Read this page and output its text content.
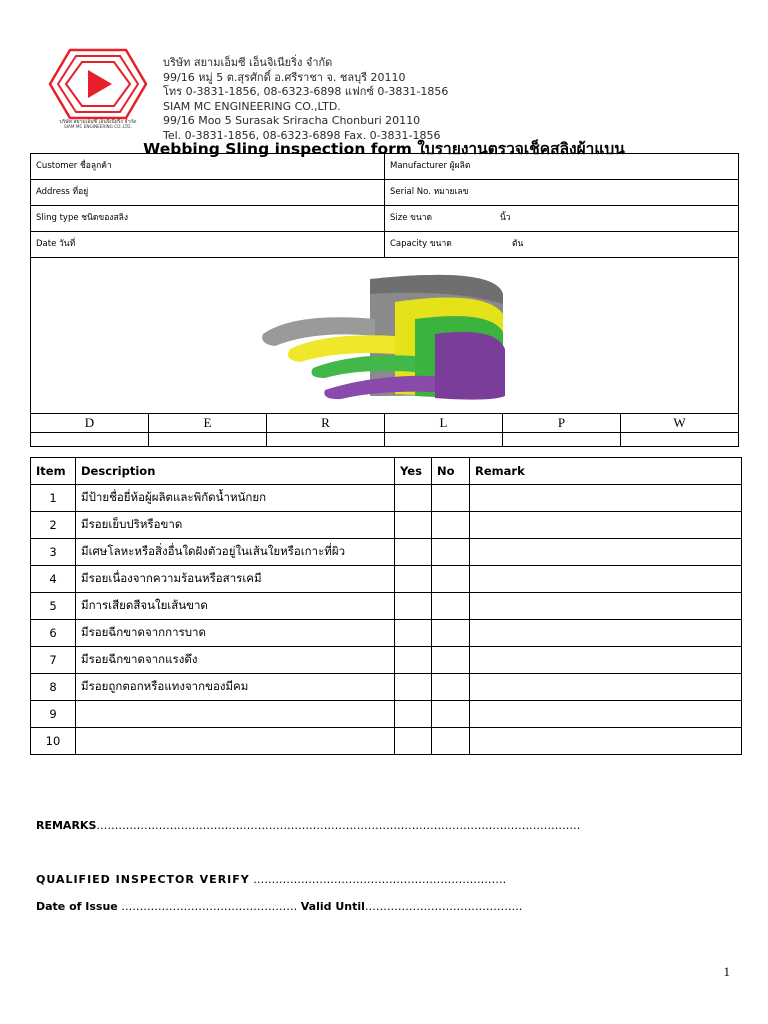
บริษัท สยามเอ็มซี เอ็นจิเนียริ่ง จำกัด
SIAM MC ENGINEERING CO.,LTD.
บริษัท สยามเอ็มซี เอ็นจิเนียริ่ง จำกัด
99/16 หมู่ 5 ต.สุรศักดิ์ อ.ศรีราชา จ. ชลบุรี 20110
โทร 0-3831-1856, 08-6323-6898 แฟกซ์ 0-3831-1856
SIAM MC ENGINEERING CO.,LTD.
99/16 Moo 5 Surasak Sriracha Chonburi 20110
Tel. 0-3831-1856, 08-6323-6898 Fax. 0-3831-1856
Webbing Sling inspection form ใบรายงานตรวจเช็คสลิงผ้าแบน
Customer ชื่อลูกค้า			Manufacturer ผู้ผลิต		
Address ที่อยู่			Serial No. หมายเลข		
Sling type ชนิดของสลิง			Size ขนาด นิ้ว		
Date วันที่			Capacity ขนาด ตัน		

D	E	R	L	P	W

Item	Description	Yes	No	Remark
1	มีป้ายชื่อยี่ห้อผู้ผลิตและพิกัดน้ำหนักยก			
2	มีรอยเย็บปริหรือขาด			
3	มีเศษโลหะหรือสิ่งอื่นใดฝังตัวอยู่ในเส้นใยหรือเกาะที่ผิว			
4	มีรอยเนื่องจากความร้อนหรือสารเคมี			
5	มีการเสียดสีจนใยเส้นขาด			
6	มีรอยฉีกขาดจากการบาด			
7	มีรอยฉีกขาดจากแรงดึง			
8	มีรอยถูกตอกหรือแทงจากของมีคม			
9				
10				
REMARKS……………………………………………………………………………………………………………………
QUALIFIED INSPECTOR VERIFY ……………………………………………………………
Date of Issue ………………………………………… Valid Until…………………………………….
1
